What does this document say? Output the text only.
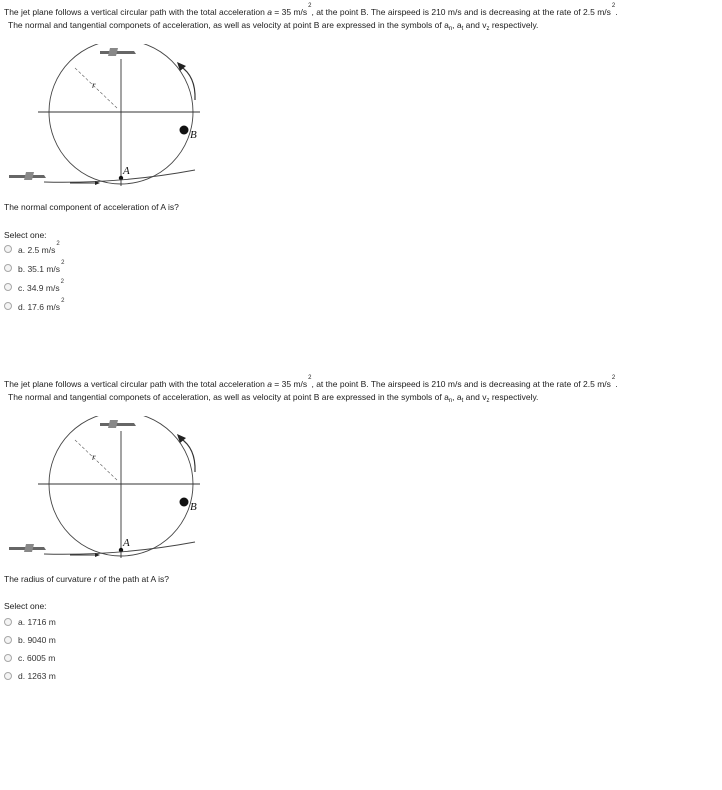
The jet plane follows a vertical circular path with the total acceleration a = 35 $m/s^2$, at the point B. The airspeed is 210 m/s and is decreasing at the rate of 2.5 $m/s^2$.
The normal and tangential componets of acceleration, as well as velocity at point B are expressed in the symbols of $a_n$, $a_t$ and $v_z$ respectively.
B
r
A
The normal component of acceleration of A is?
Select one:
a. 2.5 $m/s^2$
b. 35.1 $m/s^2$
c. 34.9 $m/s^2$
d. 17.6 $m/s^2$
The jet plane follows a vertical circular path with the total acceleration a = 35 $m/s^2$, at the point B. The airspeed is 210 m/s and is decreasing at the rate of 2.5 $m/s^2$.
The normal and tangential componets of acceleration, as well as velocity at point B are expressed in the symbols of $a_n$, $a_t$ and $v_z$ respectively.
B
r
A
The radius of curvature r of the path at A is?
Select one:
a. 1716 m
b. 9040 m
c. 6005 m
d. 1263 m
